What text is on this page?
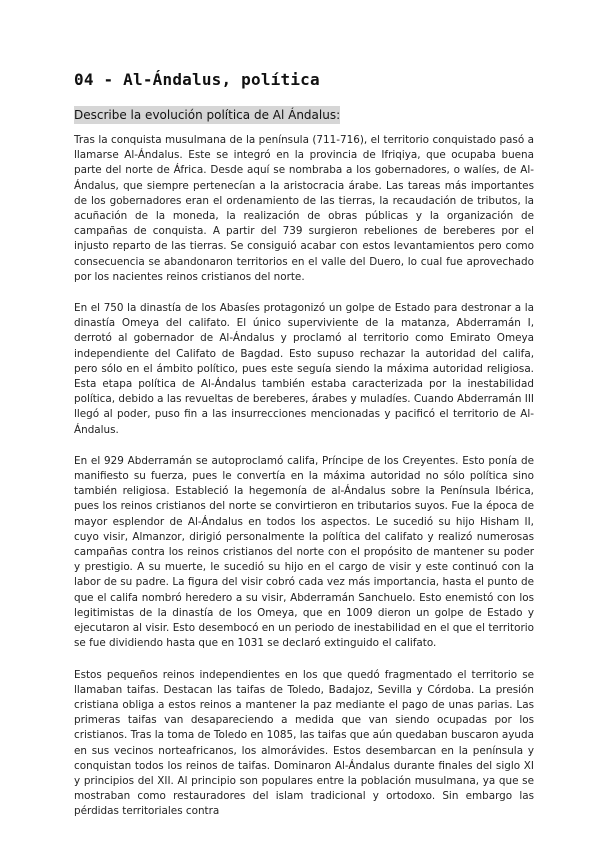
04 - Al-Ándalus, política
Describe la evolución política de Al Ándalus:

Tras la conquista musulmana de la península (711-716), el territorio conquistado pasó a llamarse Al-Ándalus. Este se integró en la provincia de Ifriqiya, que ocupaba buena parte del norte de África. Desde aquí se nombraba a los gobernadores, o walíes, de Al-Ándalus, que siempre pertenecían a la aristocracia árabe. Las tareas más importantes de los gobernadores eran el ordenamiento de las tierras, la recaudación de tributos, la acuñación de la moneda, la realización de obras públicas y la organización de campañas de conquista. A partir del 739 surgieron rebeliones de bereberes por el injusto reparto de las tierras. Se consiguió acabar con estos levantamientos pero como consecuencia se abandonaron territorios en el valle del Duero, lo cual fue aprovechado por los nacientes reinos cristianos del norte.

En el 750 la dinastía de los Abasíes protagonizó un golpe de Estado para destronar a la dinastía Omeya del califato. El único superviviente de la matanza, Abderramán I, derrotó al gobernador de Al-Ándalus y proclamó al territorio como Emirato Omeya independiente del Califato de Bagdad. Esto supuso rechazar la autoridad del califa, pero sólo en el ámbito político, pues este seguía siendo la máxima autoridad religiosa. Esta etapa política de Al-Ándalus también estaba caracterizada por la inestabilidad política, debido a las revueltas de bereberes, árabes y muladíes. Cuando Abderramán III llegó al poder, puso fin a las insurrecciones mencionadas y pacificó el territorio de Al-Ándalus.

En el 929 Abderramán se autoproclamó califa, Príncipe de los Creyentes. Esto ponía de manifiesto su fuerza, pues le convertía en la máxima autoridad no sólo política sino también religiosa. Estableció la hegemonía de al-Ándalus sobre la Península Ibérica, pues los reinos cristianos del norte se convirtieron en tributarios suyos. Fue la época de mayor esplendor de Al-Ándalus en todos los aspectos. Le sucedió su hijo Hisham II, cuyo visir, Almanzor, dirigió personalmente la política del califato y realizó numerosas campañas contra los reinos cristianos del norte con el propósito de mantener su poder y prestigio. A su muerte, le sucedió su hijo en el cargo de visir y este continuó con la labor de su padre. La figura del visir cobró cada vez más importancia, hasta el punto de que el califa nombró heredero a su visir, Abderramán Sanchuelo. Esto enemistó con los legitimistas de la dinastía de los Omeya, que en 1009 dieron un golpe de Estado y ejecutaron al visir. Esto desembocó en un periodo de inestabilidad en el que el territorio se fue dividiendo hasta que en 1031 se declaró extinguido el califato.

Estos pequeños reinos independientes en los que quedó fragmentado el territorio se llamaban taifas. Destacan las taifas de Toledo, Badajoz, Sevilla y Córdoba. La presión cristiana obliga a estos reinos a mantener la paz mediante el pago de unas parias. Las primeras taifas van desapareciendo a medida que van siendo ocupadas por los cristianos. Tras la toma de Toledo en 1085, las taifas que aún quedaban buscaron ayuda en sus vecinos norteafricanos, los almorávides. Estos desembarcan en la península y conquistan todos los reinos de taifas. Dominaron Al-Ándalus durante finales del siglo XI y principios del XII. Al principio son populares entre la población musulmana, ya que se mostraban como restauradores del islam tradicional y ortodoxo. Sin embargo las pérdidas territoriales contra
